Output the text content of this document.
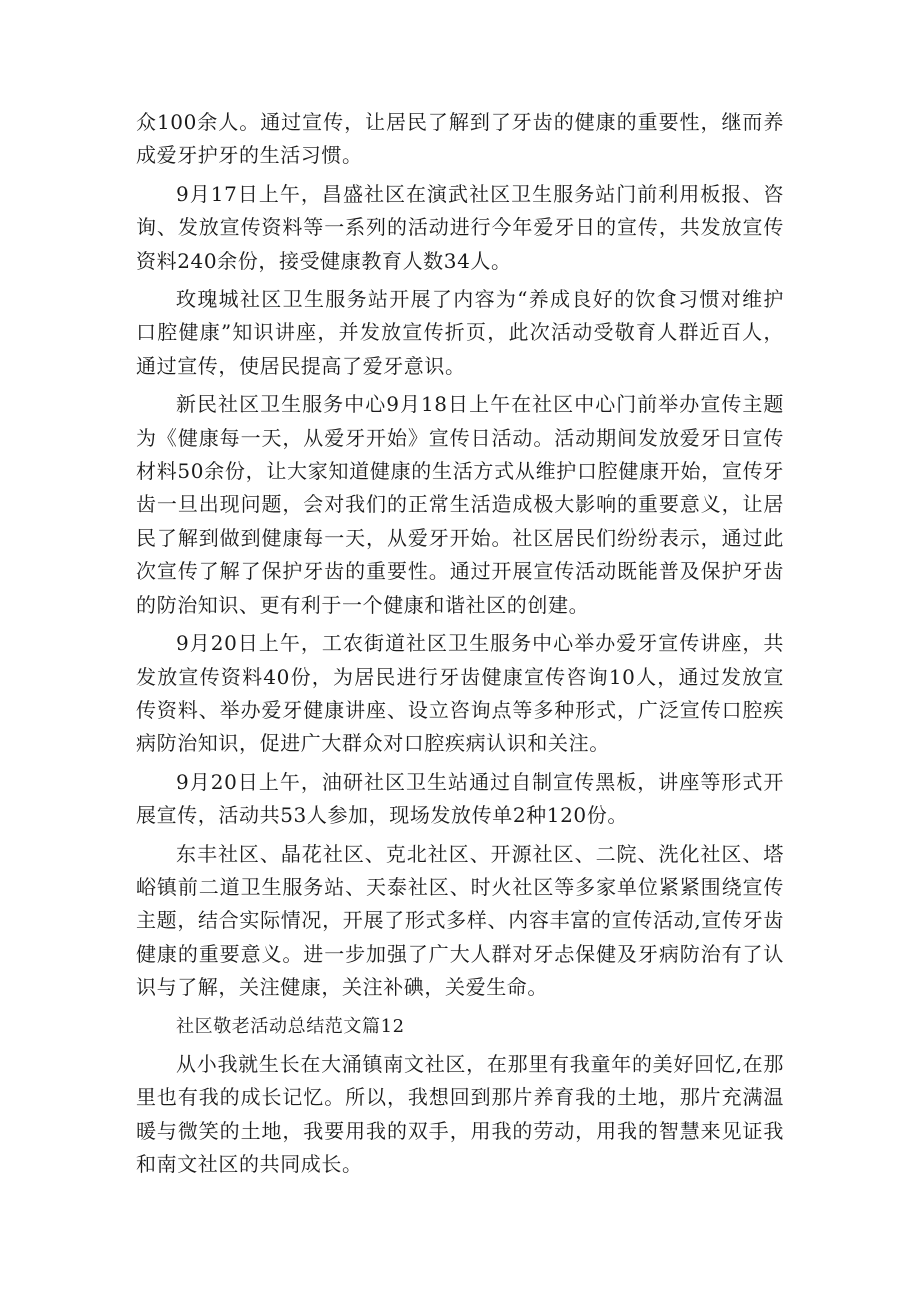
众100余人。通过宣传，让居民了解到了牙齿的健康的重要性，继而养成爱牙护牙的生活习惯。

9月17日上午，昌盛社区在演武社区卫生服务站门前利用板报、咨询、发放宣传资料等一系列的活动进行今年爱牙日的宣传，共发放宣传资料240余份，接受健康教育人数34人。

玫瑰城社区卫生服务站开展了内容为“养成良好的饮食习惯对维护口腔健康”知识讲座，并发放宣传折页，此次活动受敬育人群近百人，通过宣传，使居民提高了爱牙意识。

新民社区卫生服务中心9月18日上午在社区中心门前举办宣传主题为《健康每一天，从爱牙开始》宣传日活动。活动期间发放爱牙日宣传材料50余份，让大家知道健康的生活方式从维护口腔健康开始，宣传牙齿一旦出现问题，会对我们的正常生活造成极大影响的重要意义，让居民了解到做到健康每一天，从爱牙开始。社区居民们纷纷表示，通过此次宣传了解了保护牙齿的重要性。通过开展宣传活动既能普及保护牙齿的防治知识、更有利于一个健康和谐社区的创建。

9月20日上午，工农街道社区卫生服务中心举办爱牙宣传讲座，共发放宣传资料40份，为居民进行牙齿健康宣传咨询10人，通过发放宣传资料、举办爱牙健康讲座、设立咨询点等多种形式，广泛宣传口腔疾病防治知识，促进广大群众对口腔疾病认识和关注。

9月20日上午，油研社区卫生站通过自制宣传黑板，讲座等形式开展宣传，活动共53人参加，现场发放传单2种120份。

东丰社区、晶花社区、克北社区、开源社区、二院、洗化社区、塔峪镇前二道卫生服务站、天泰社区、时火社区等多家单位紧紧围绕宣传主题，结合实际情况，开展了形式多样、内容丰富的宣传活动,宣传牙齿健康的重要意义。进一步加强了广大人群对牙忐保健及牙病防治有了认识与了解，关注健康，关注补碘，关爱生命。

社区敬老活动总结范文篇12

从小我就生长在大涌镇南文社区，在那里有我童年的美好回忆,在那里也有我的成长记忆。所以，我想回到那片养育我的土地，那片充满温暖与微笑的土地，我要用我的双手，用我的劳动，用我的智慧来见证我和南文社区的共同成长。
